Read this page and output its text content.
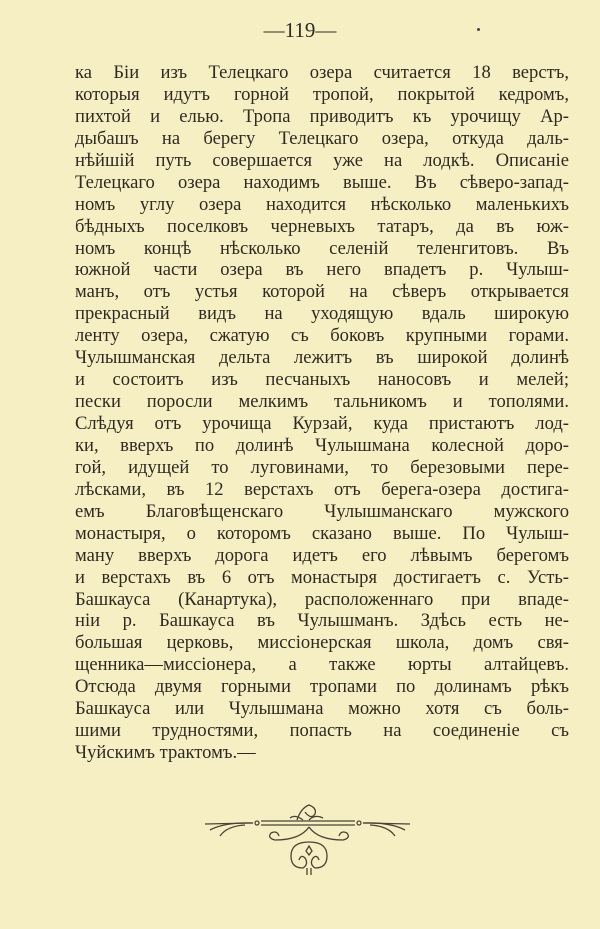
—119—
ка Біи изъ Телецкаго озера считается 18 верстъ,
которыя идутъ горной тропой, покрытой кедромъ,
пихтой и елью. Тропа приводитъ къ урочищу Ар-
дыбашъ на берегу Телецкаго озера, откуда даль-
нѣйшій путь совершается уже на лодкѣ. Описаніе
Телецкаго озера находимъ выше. Въ сѣверо-запад-
номъ углу озера находится нѣсколько маленькихъ
бѣдныхъ поселковъ черневыхъ татаръ, да въ юж-
номъ концѣ нѣсколько селеній теленгитовъ. Въ
южной части озера въ него впадетъ р. Чулыш-
манъ, отъ устья которой на сѣверъ открывается
прекрасный видъ на уходящую вдаль широкую
ленту озера, сжатую съ боковъ крупными горами.
Чулышманская дельта лежитъ въ широкой долинѣ
и состоитъ изъ песчаныхъ наносовъ и мелей;
пески поросли мелкимъ тальникомъ и тополями.
Слѣдуя отъ урочища Курзай, куда пристаютъ лод-
ки, вверхъ по долинѣ Чулышмана колесной доро-
гой, идущей то луговинами, то березовыми пере-
лѣсками, въ 12 верстахъ отъ берега-озера достига-
емъ Благовѣщенскаго Чулышманскаго мужского
монастыря, о которомъ сказано выше. По Чулыш-
ману вверхъ дорога идетъ его лѣвымъ берегомъ
и верстахъ въ 6 отъ монастыря достигаетъ с. Усть-
Башкауса (Канартука), расположеннаго при впаде-
ніи р. Башкауса въ Чулышманъ. Здѣсь есть не-
большая церковь, миссіонерская школа, домъ свя-
щенника—миссіонера, а также юрты алтайцевъ.
Отсюда двумя горными тропами по долинамъ рѣкъ
Башкауса или Чулышмана можно хотя съ боль-
шими трудностями, попасть на соединеніе съ
Чуйскимъ трактомъ.—
